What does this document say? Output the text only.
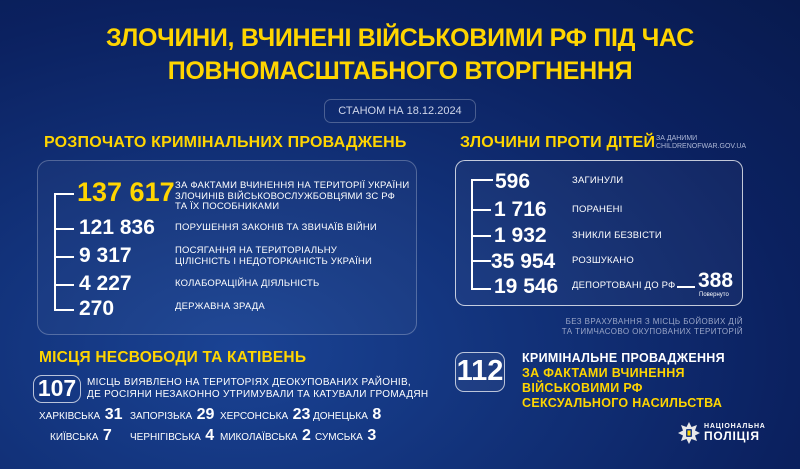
ЗЛОЧИНИ, ВЧИНЕНІ ВІЙСЬКОВИМИ РФ ПІД ЧАС
ПОВНОМАСШТАБНОГО ВТОРГНЕННЯ
СТАНОМ НА 18.12.2024
РОЗПОЧАТО КРИМІНАЛЬНИХ ПРОВАДЖЕНЬ
137 617 ЗА ФАКТАМИ ВЧИНЕННЯ НА ТЕРИТОРІЇ УКРАЇНИ ЗЛОЧИНІВ ВІЙСЬКОВОСЛУЖБОВЦЯМИ ЗС РФ ТА ЇХ ПОСОБНИКАМИ
121 836 ПОРУШЕННЯ ЗАКОНІВ ТА ЗВИЧАЇВ ВІЙНИ
9 317	ПОСЯГАННЯ НА ТЕРИТОРІАЛЬНУ ЦІЛІСНІСТЬ І НЕДОТОРКАНІСТЬ УКРАЇНИ
4 227	КОЛАБОРАЦІЙНА ДІЯЛЬНІСТЬ
270	ДЕРЖАВНА ЗРАДА
ЗЛОЧИНИ ПРОТИ ДІТЕЙ ЗА ДАНИМИ
CHILDRENOFWAR.GOV.UA
596	ЗАГИНУЛИ
1 716	ПОРАНЕНІ
1 932	ЗНИКЛИ БЕЗВІСТИ
35 954 РОЗШУКАНО
19 546 ДЕПОРТОВАНІ ДО РФ 388
Повернуто
БЕЗ ВРАХУВАННЯ З МІСЦЬ БОЙОВИХ ДІЙ
ТА ТИМЧАСОВО ОКУПОВАНИХ ТЕРИТОРІЙ
МІСЦЯ НЕСВОБОДИ ТА КАТІВЕНЬ
107	МІСЦЬ ВИЯВЛЕНО НА ТЕРИТОРІЯХ ДЕОКУПОВАНИХ РАЙОНІВ,
ДЕ РОСІЯНИ НЕЗАКОННО УТРИМУВАЛИ ТА КАТУВАЛИ ГРОМАДЯН
ХАРКІВСЬКА 31 ЗАПОРІЗЬКА 29 ХЕРСОНСЬКА 23 ДОНЕЦЬКА 8
КИЇВСЬКА 7 ЧЕРНІГІВСЬКА 4 МИКОЛАЇВСЬКА 2 СУМСЬКА 3
112 КРИМІНАЛЬНЕ ПРОВАДЖЕННЯ
ЗА ФАКТАМИ ВЧИНЕННЯ
ВІЙСЬКОВИМИ РФ
СЕКСУАЛЬНОГО НАСИЛЬСТВА
НАЦІОНАЛЬНА
ПОЛІЦІЯ
